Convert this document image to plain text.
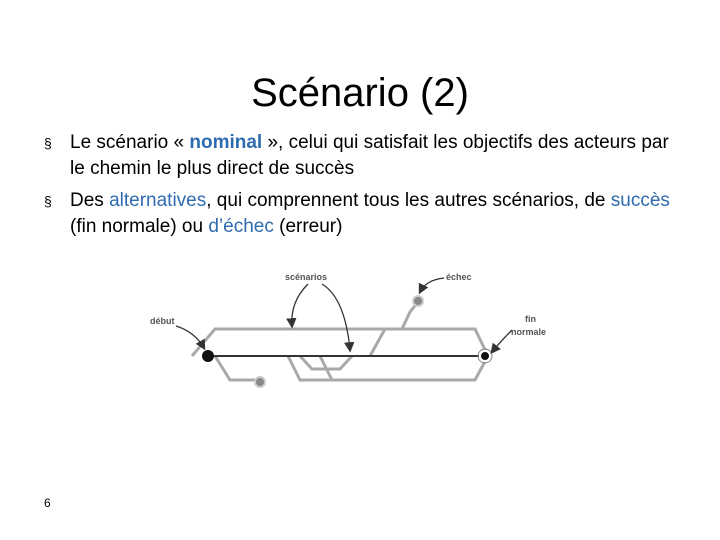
Scénario (2)
§ Le scénario « nominal », celui qui satisfait les objectifs des acteurs par le chemin le plus direct de succès
§ Des alternatives, qui comprennent tous les autres scénarios, de succès (fin normale) ou d’échec (erreur)
début
scénarios	échec
fin
normale
6
